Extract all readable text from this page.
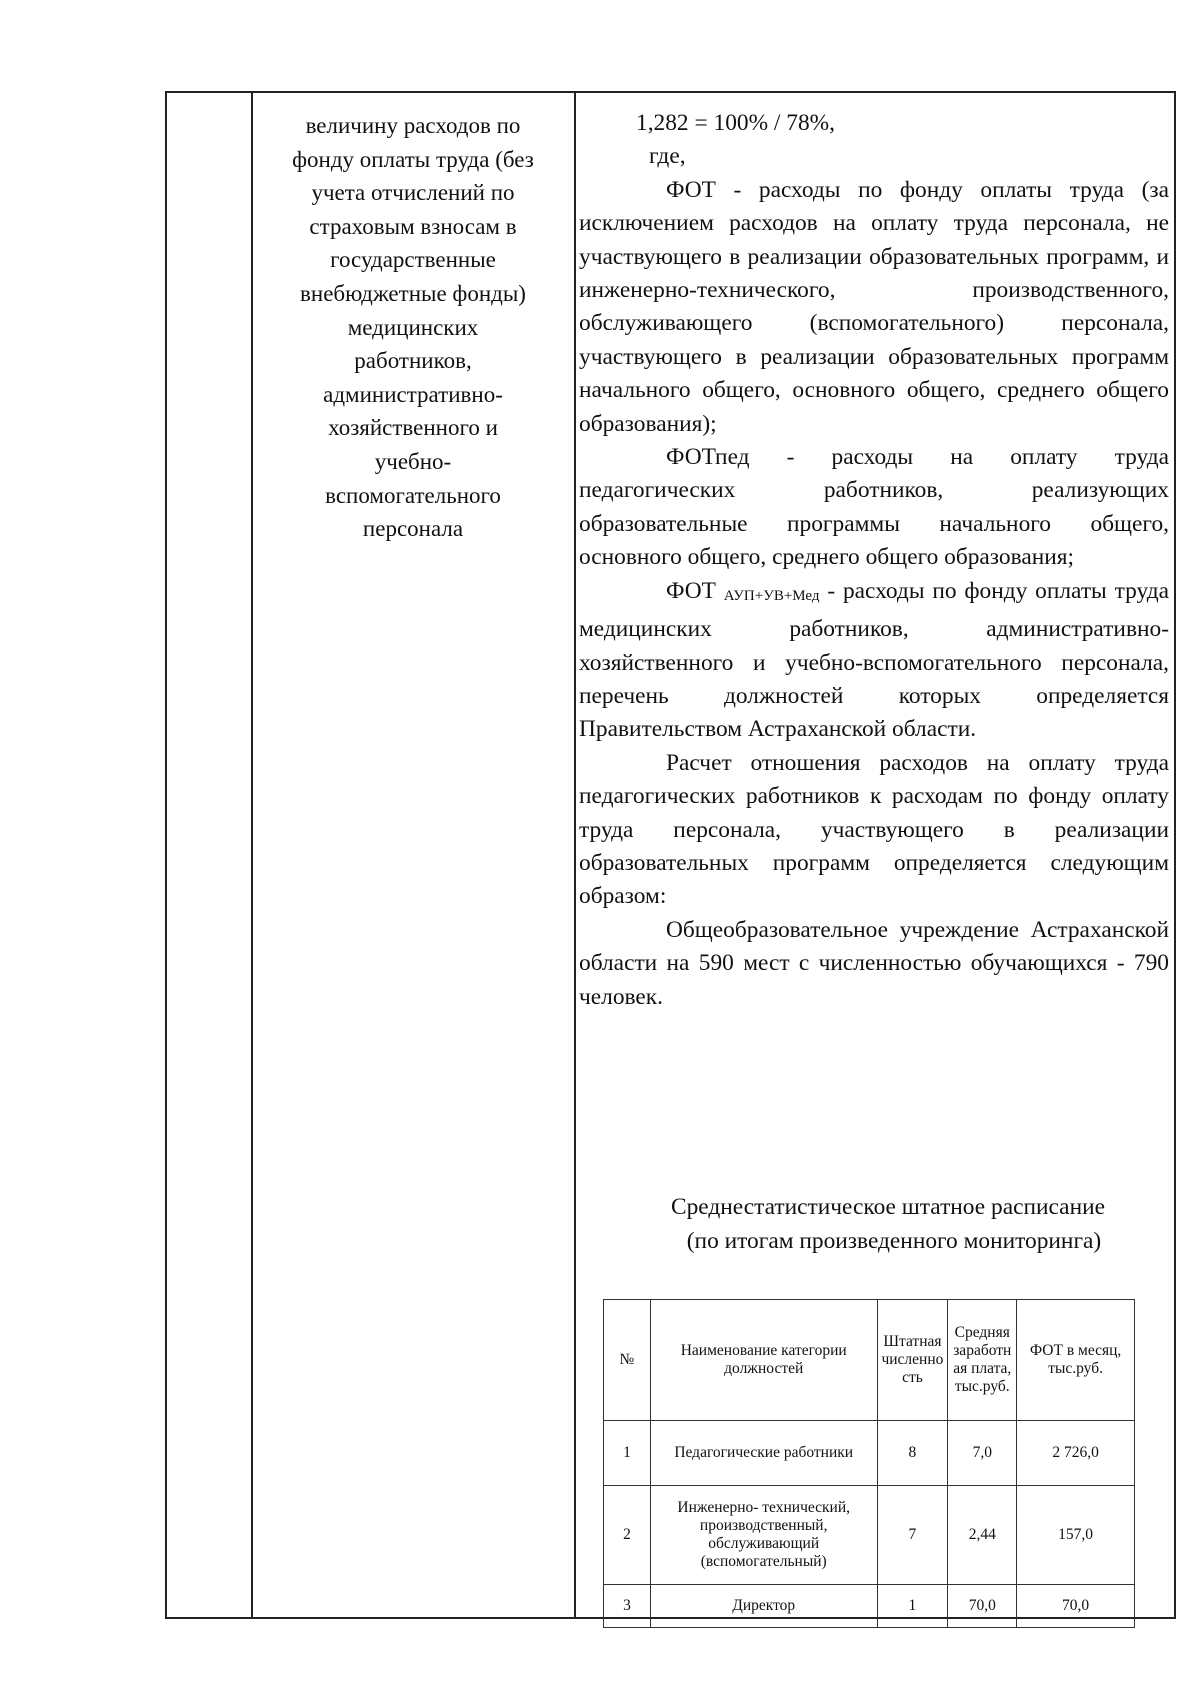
величину расходов по
фонду оплаты труда (без
учета отчислений по
страховым взносам в
государственные
внебюджетные фонды)
медицинских
работников,
административно-
хозяйственного и
учебно-
вспомогательного
персонала

1,282 = 100% / 78%,

где,

ФОТ - расходы по фонду оплаты труда (за исключением расходов на оплату труда персонала, не участвующего в реализации образовательных программ, и инженерно-технического, производственного, обслуживающего (вспомогательного) персонала, участвующего в реализации образовательных программ начального общего, основного общего, среднего общего образования);

ФОТпед - расходы на оплату труда педагогических работников, реализующих образовательные программы начального общего, основного общего, среднего общего образования;

ФОТ АУП+УВ+Мед - расходы по фонду оплаты труда медицинских работников, административно-хозяйственного и учебно-вспомогательного персонала, перечень должностей которых определяется Правительством Астраханской области.

Расчет отношения расходов на оплату труда педагогических работников к расходам по фонду оплату труда персонала, участвующего в реализации образовательных программ определяется следующим образом:

Общеобразовательное учреждение Астраханской области на 590 мест с численностью обучающихся - 790 человек.

Среднестатистическое штатное расписание
(по итогам произведенного мониторинга)
№	Наименование категории должностей	Штатная численность	Средняя заработная плата, тыс.руб.	ФОТ в месяц, тыс.руб.
1	Педагогические работники	8	7,0	2 726,0
2	Инженерно- технический, производственный, обслуживающий (вспомогательный)	7	2,44	157,0
3	Директор	1	70,0	70,0
